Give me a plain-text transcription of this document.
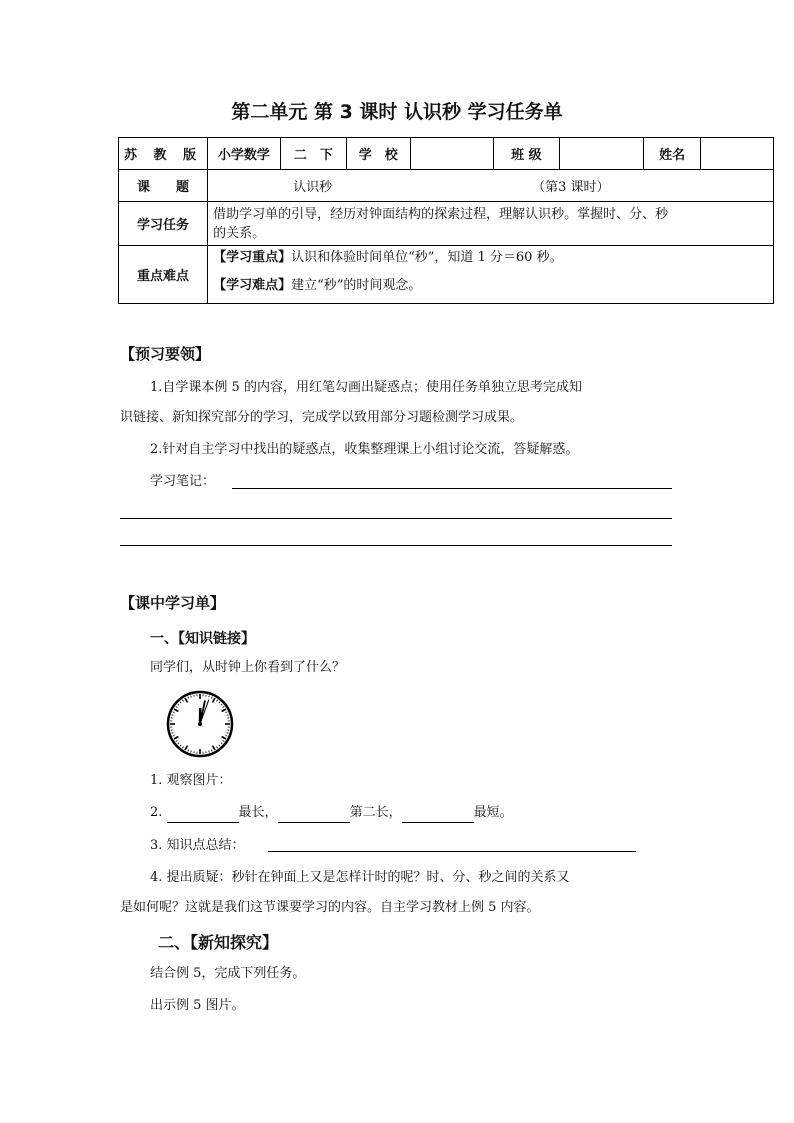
第二单元 第 3 课时 认识秒 学习任务单
苏 教 版	小学数学	二　下	学　校		班 级		姓名	
课　　题	认识秒 （第3 课时）							
学习任务	借助学习单的引导，经历对钟面结构的探索过程，理解认识秒。掌握时、分、秒
的关系。							

重点难点	【学习重点】认识和体验时间单位“秒”，知道 1 分＝60 秒。
【学习难点】建立“秒”的时间观念。							
【预习要领】
1.自学课本例 5 的内容，用红笔勾画出疑惑点；使用任务单独立思考完成知
识链接、新知探究部分的学习，完成学以致用部分习题检测学习成果。
2.针对自主学习中找出的疑惑点，收集整理课上小组讨论交流，答疑解惑。
学习笔记：
【课中学习单】
一、【知识链接】
同学们，从时钟上你看到了什么？
1. 观察图片：
2.	最长，	第二长，	最短。
3. 知识点总结：
4. 提出质疑：秒针在钟面上又是怎样计时的呢？时、分、秒之间的关系又
是如何呢？这就是我们这节课要学习的内容。自主学习教材上例 5 内容。
二、【新知探究】
结合例 5，完成下列任务。
出示例 5 图片。
